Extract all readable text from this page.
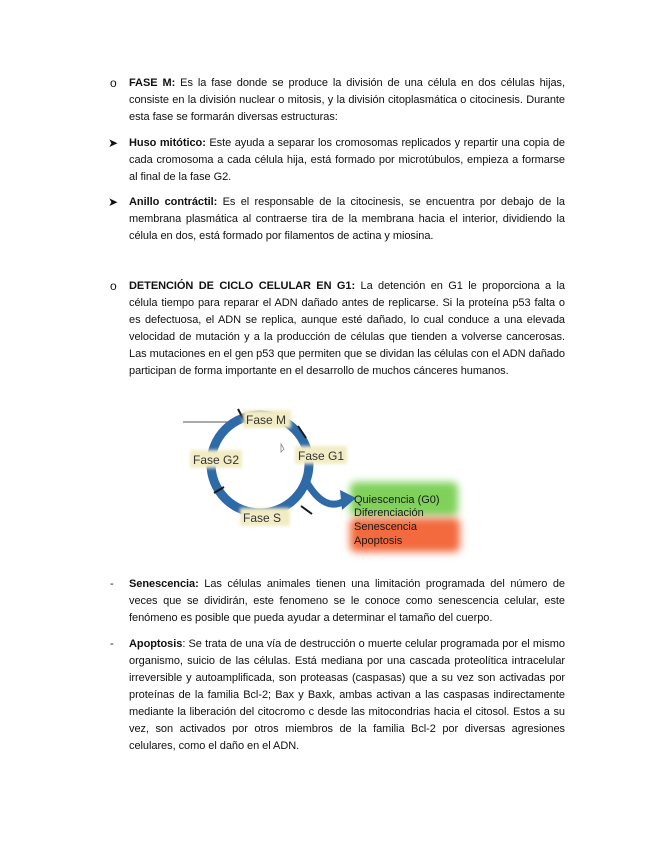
o FASE M: Es la fase donde se produce la división de una célula en dos células hijas, consiste en la división nuclear o mitosis, y la división citoplasmática o citocinesis. Durante esta fase se formarán diversas estructuras:

➤ Huso mitótico: Este ayuda a separar los cromosomas replicados y repartir una copia de cada cromosoma a cada célula hija, está formado por microtúbulos, empieza a formarse al final de la fase G2.

➤ Anillo contráctil: Es el responsable de la citocinesis, se encuentra por debajo de la membrana plasmática al contraerse tira de la membrana hacia el interior, dividiendo la célula en dos, está formado por filamentos de actina y miosina.

o DETENCIÓN DE CICLO CELULAR EN G1: La detención en G1 le proporciona a la célula tiempo para reparar el ADN dañado antes de replicarse. Si la proteína p53 falta o es defectuosa, el ADN se replica, aunque esté dañado, lo cual conduce a una elevada velocidad de mutación y a la producción de células que tienden a volverse cancerosas. Las mutaciones en el gen p53 que permiten que se dividan las células con el ADN dañado participan de forma importante en el desarrollo de muchos cánceres humanos.

Fase M
Fase G1
Fase G2
Fase S
Quiescencia (G0)
Diferenciación
Senescencia
Apoptosis
- Senescencia: Las células animales tienen una limitación programada del número de veces que se dividirán, este fenomeno se le conoce como senescencia celular, este fenómeno es posible que pueda ayudar a determinar el tamaño del cuerpo.

- Apoptosis: Se trata de una vía de destrucción o muerte celular programada por el mismo organismo, suicio de las células. Está mediana por una cascada proteolítica intracelular irreversible y autoamplificada, son proteasas (caspasas) que a su vez son activadas por proteínas de la familia Bcl-2; Bax y Baxk, ambas activan a las caspasas indirectamente mediante la liberación del citocromo c desde las mitocondrias hacia el citosol. Estos a su vez, son activados por otros miembros de la familia Bcl-2 por diversas agresiones celulares, como el daño en el ADN.
